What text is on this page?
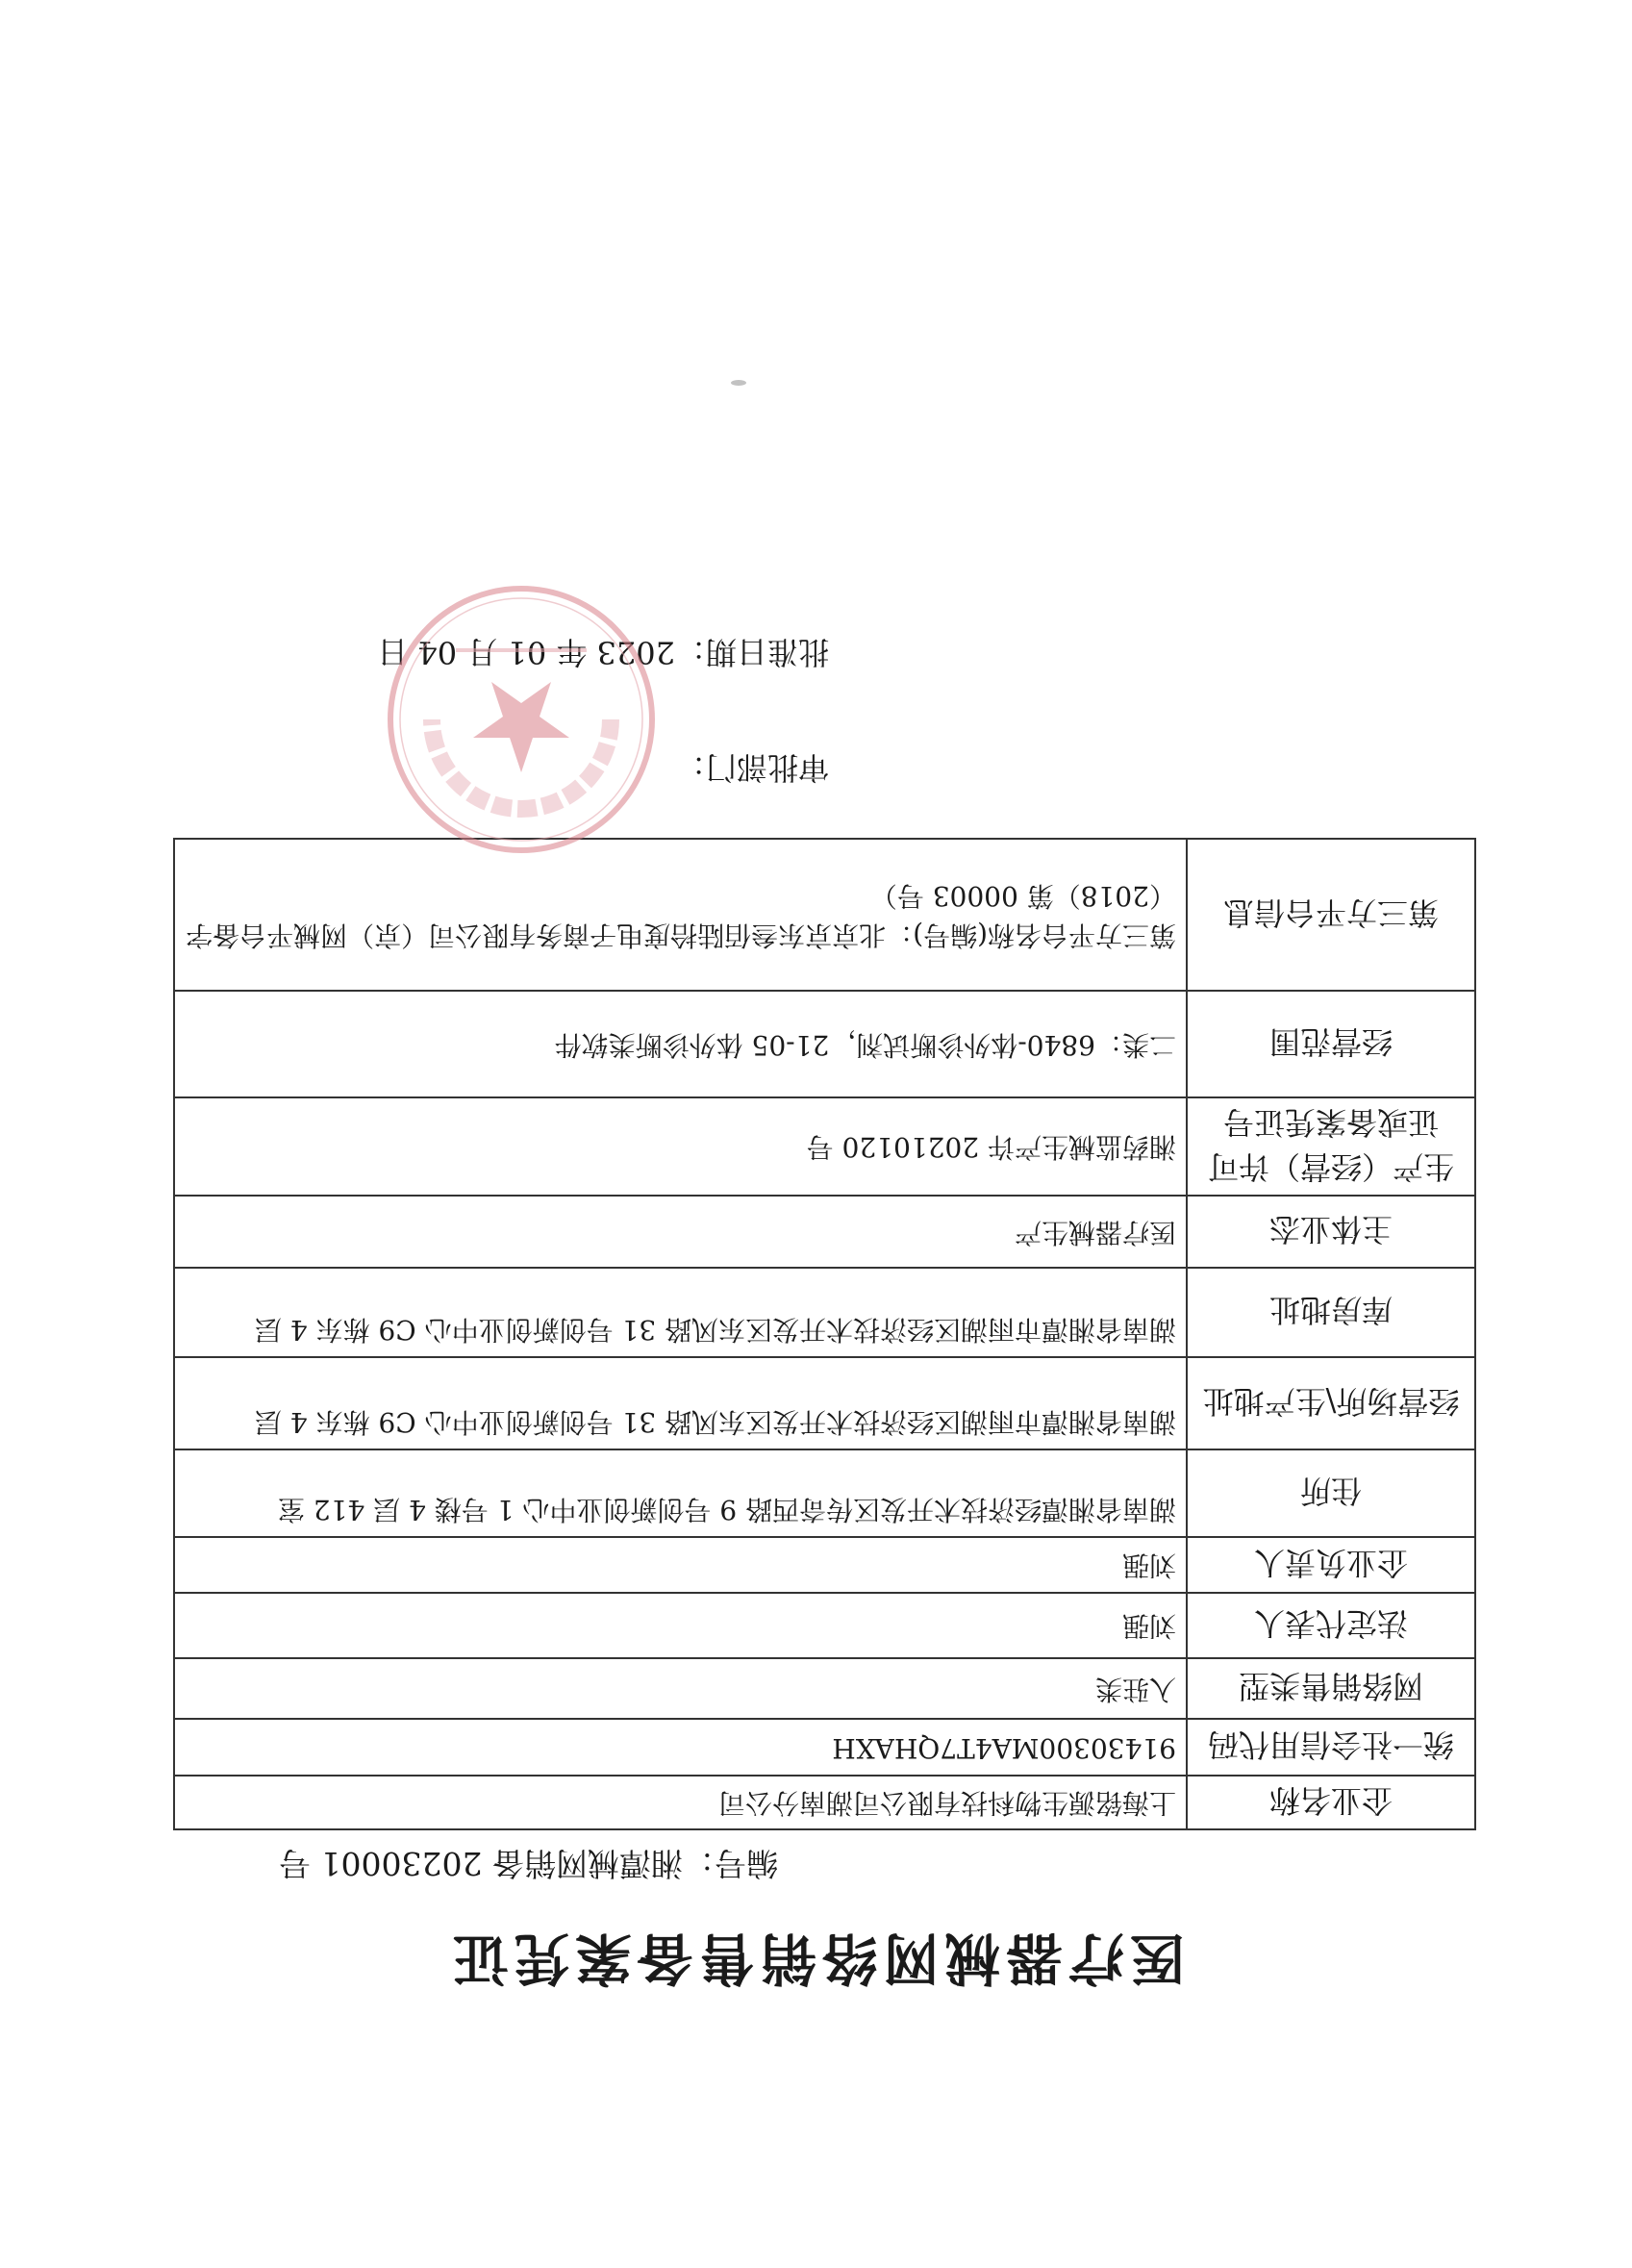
医疗器械网络销售备案凭证
编号：湘潭械网销备 20230001 号
企业名称	上海铭源生物科技有限公司湖南分公司
统一社会信用代码	91430300MA4T7QHAXH
网络销售类型	入驻类
法定代表人	刘强
企业负责人	刘强
住所	湖南省湘潭经济技术开发区传奇西路 9 号创新创业中心 1 号楼 4 层 412 室
经营场所\生产地址	湖南省湘潭市雨湖区经济技术开发区东风路 31 号创新创业中心 C9 栋东 4 层
库房地址	湖南省湘潭市雨湖区经济技术开发区东风路 31 号创新创业中心 C9 栋东 4 层
主体业态	医疗器械生产
生产（经营）许可证或备案凭证号	湘药监械生产许 20210120 号
经营范围	二类：6840-体外诊断试剂，21-05 体外诊断类软件
第三方平台信息	第三方平台名称(编号)：北京京东叁佰陆拾度电子商务有限公司（京）网械平台备字（2018）第 00003 号）
审批部门：
批准日期：2023 年 01 月 04 日
